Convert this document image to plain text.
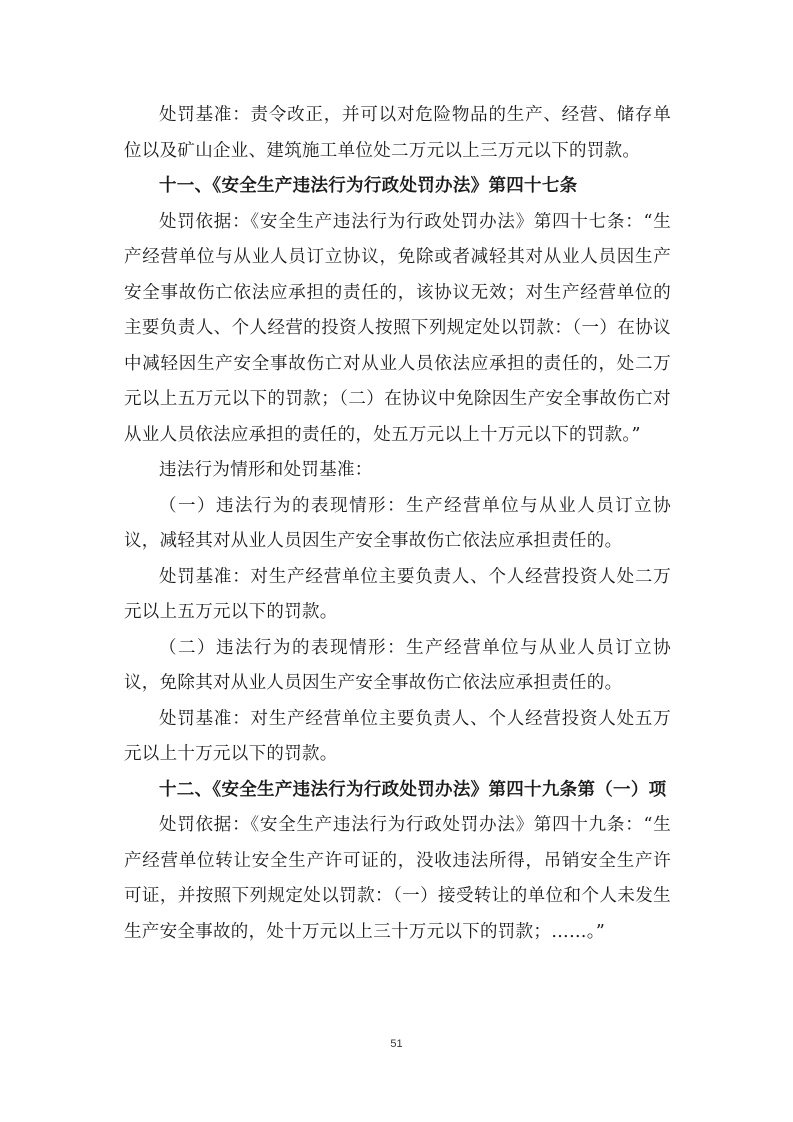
处罚基准：责令改正，并可以对危险物品的生产、经营、储存单位以及矿山企业、建筑施工单位处二万元以上三万元以下的罚款。

十一、《安全生产违法行为行政处罚办法》第四十七条

处罚依据：《安全生产违法行为行政处罚办法》第四十七条：“生产经营单位与从业人员订立协议，免除或者减轻其对从业人员因生产安全事故伤亡依法应承担的责任的，该协议无效；对生产经营单位的主要负责人、个人经营的投资人按照下列规定处以罚款：（一）在协议中减轻因生产安全事故伤亡对从业人员依法应承担的责任的，处二万元以上五万元以下的罚款；（二）在协议中免除因生产安全事故伤亡对从业人员依法应承担的责任的，处五万元以上十万元以下的罚款。”

违法行为情形和处罚基准：

（一）违法行为的表现情形：生产经营单位与从业人员订立协议，减轻其对从业人员因生产安全事故伤亡依法应承担责任的。

处罚基准：对生产经营单位主要负责人、个人经营投资人处二万元以上五万元以下的罚款。

（二）违法行为的表现情形：生产经营单位与从业人员订立协议，免除其对从业人员因生产安全事故伤亡依法应承担责任的。

处罚基准：对生产经营单位主要负责人、个人经营投资人处五万元以上十万元以下的罚款。

十二、《安全生产违法行为行政处罚办法》第四十九条第（一）项

处罚依据：《安全生产违法行为行政处罚办法》第四十九条：“生产经营单位转让安全生产许可证的，没收违法所得，吊销安全生产许可证，并按照下列规定处以罚款：（一）接受转让的单位和个人未发生生产安全事故的，处十万元以上三十万元以下的罚款；……。”

51
